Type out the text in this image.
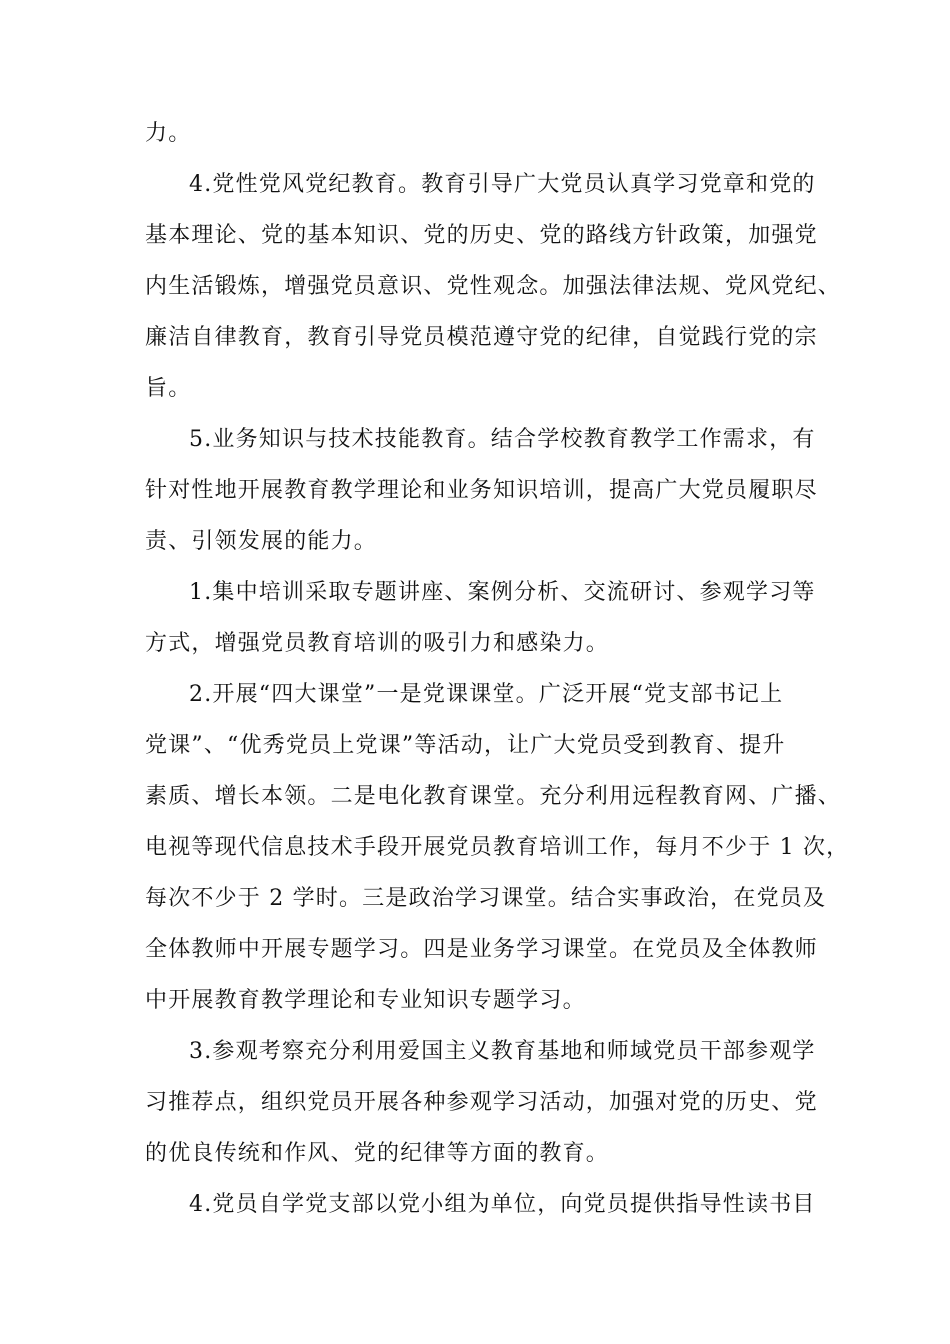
力。
4.党性党风党纪教育。教育引导广大党员认真学习党章和党的
基本理论、党的基本知识、党的历史、党的路线方针政策，加强党
内生活锻炼，增强党员意识、党性观念。加强法律法规、党风党纪、
廉洁自律教育，教育引导党员模范遵守党的纪律，自觉践行党的宗
旨。
5.业务知识与技术技能教育。结合学校教育教学工作需求，有
针对性地开展教育教学理论和业务知识培训，提高广大党员履职尽
责、引领发展的能力。
1.集中培训采取专题讲座、案例分析、交流研讨、参观学习等
方式，增强党员教育培训的吸引力和感染力。
2.开展“四大课堂”一是党课课堂。广泛开展“党支部书记上
党课”、“优秀党员上党课”等活动，让广大党员受到教育、提升
素质、增长本领。二是电化教育课堂。充分利用远程教育网、广播、
电视等现代信息技术手段开展党员教育培训工作，每月不少于 1 次，
每次不少于 2 学时。三是政治学习课堂。结合实事政治，在党员及
全体教师中开展专题学习。四是业务学习课堂。在党员及全体教师
中开展教育教学理论和专业知识专题学习。
3.参观考察充分利用爱国主义教育基地和师域党员干部参观学
习推荐点，组织党员开展各种参观学习活动，加强对党的历史、党
的优良传统和作风、党的纪律等方面的教育。
4.党员自学党支部以党小组为单位，向党员提供指导性读书目
